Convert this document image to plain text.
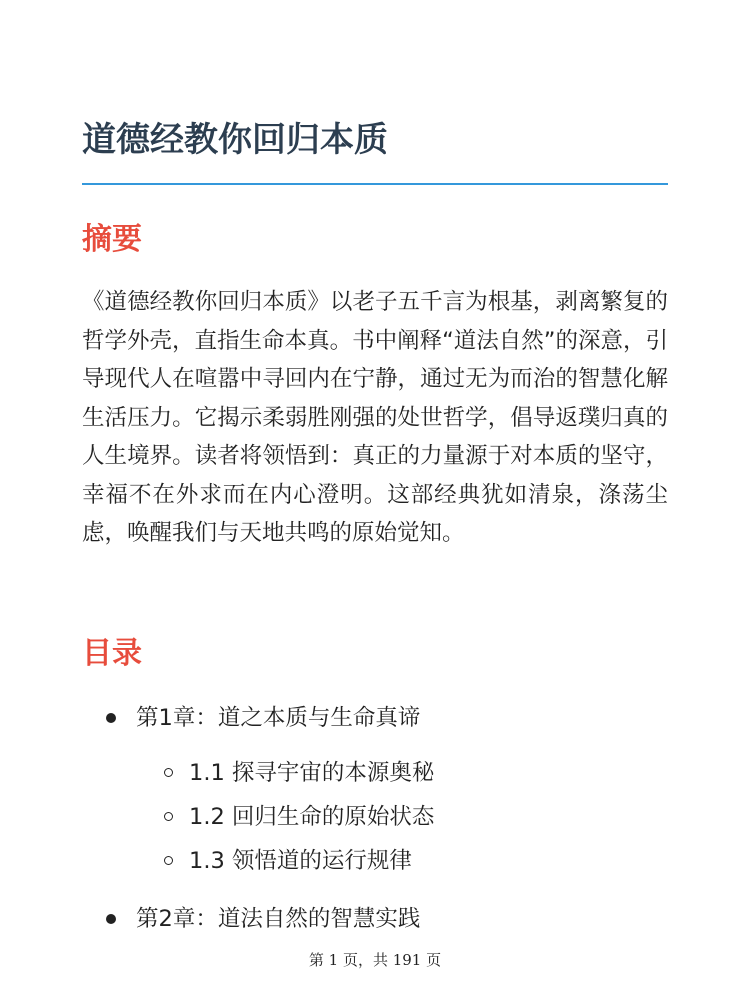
道德经教你回归本质
摘要

《道德经教你回归本质》以老子五千言为根基，剥离繁复的哲学外壳，直指生命本真。书中阐释“道法自然”的深意，引导现代人在喧嚣中寻回内在宁静，通过无为而治的智慧化解生活压力。它揭示柔弱胜刚强的处世哲学，倡导返璞归真的人生境界。读者将领悟到：真正的力量源于对本质的坚守，幸福不在外求而在内心澄明。这部经典犹如清泉，涤荡尘虑，唤醒我们与天地共鸣的原始觉知。

目录
第1章：道之本质与生命真谛
1.1 探寻宇宙的本源奥秘
1.2 回归生命的原始状态
1.3 领悟道的运行规律
第2章：道法自然的智慧实践
第 1 页，共 191 页
